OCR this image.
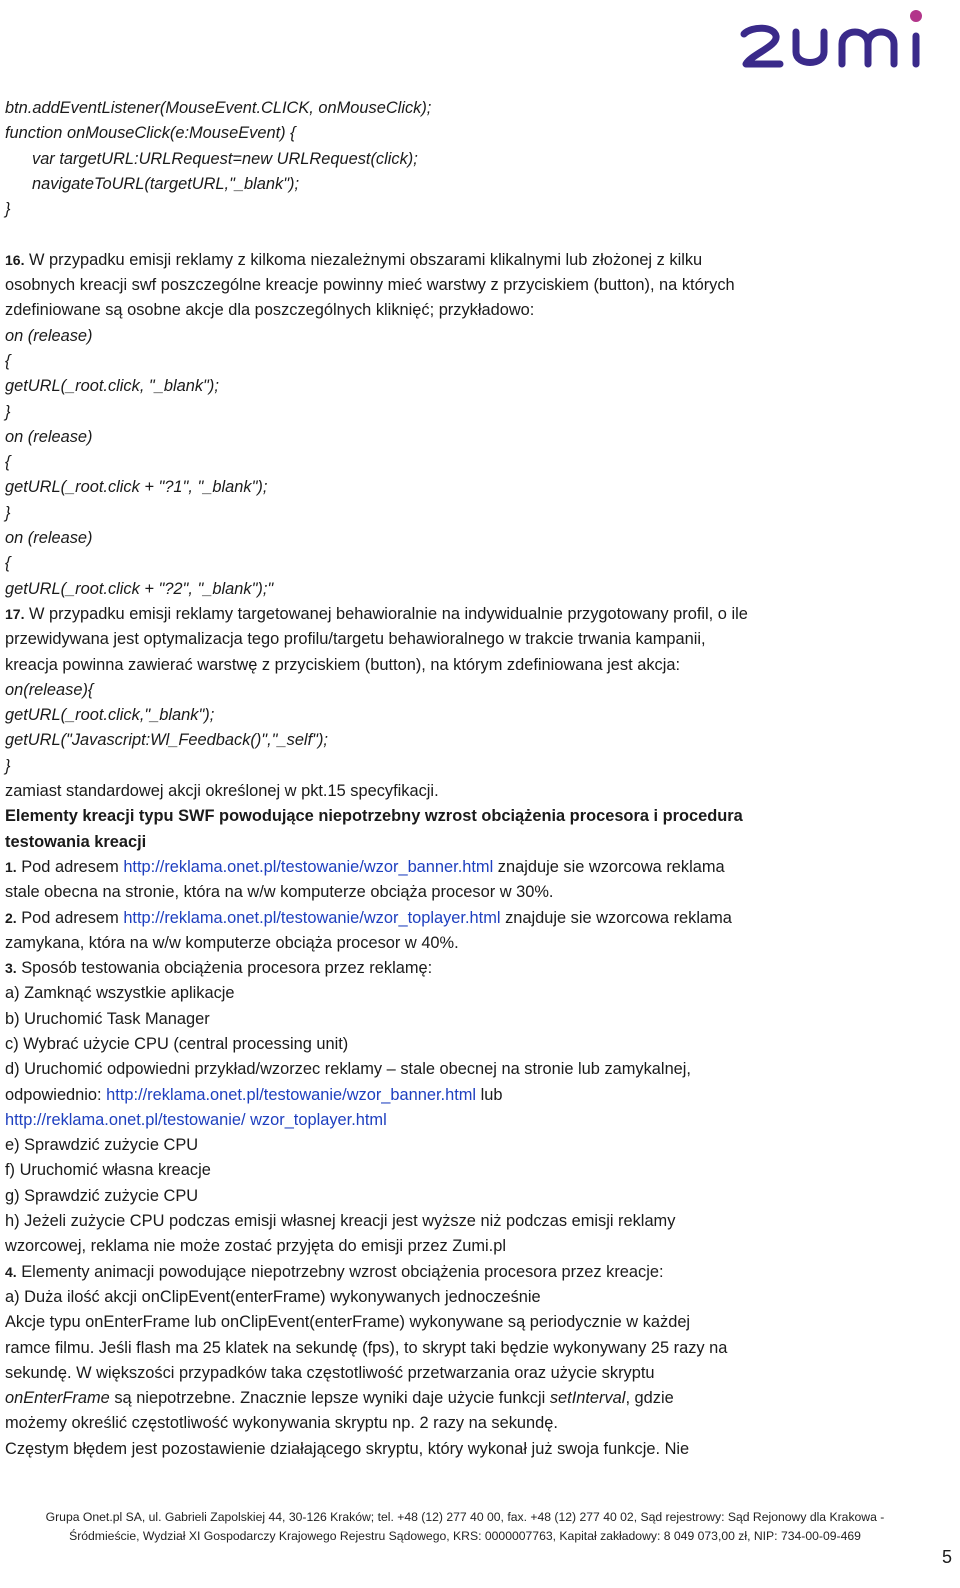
btn.addEventListener(MouseEvent.CLICK, onMouseClick);
function onMouseClick(e:MouseEvent) {
var targetURL:URLRequest=new URLRequest(click);
navigateToURL(targetURL,"_blank");
}

16. W przypadku emisji reklamy z kilkoma niezależnymi obszarami klikalnymi lub złożonej z kilku
osobnych kreacji swf poszczególne kreacje powinny mieć warstwy z przyciskiem (button), na których
zdefiniowane są osobne akcje dla poszczególnych kliknięć; przykładowo:
on (release)
{
getURL(_root.click, "_blank");
}
on (release)
{
getURL(_root.click + "?1", "_blank");
}
on (release)
{
getURL(_root.click + "?2", "_blank");"
17. W przypadku emisji reklamy targetowanej behawioralnie na indywidualnie przygotowany profil, o ile
przewidywana jest optymalizacja tego profilu/targetu behawioralnego w trakcie trwania kampanii,
kreacja powinna zawierać warstwę z przyciskiem (button), na którym zdefiniowana jest akcja:
on(release){
getURL(_root.click,"_blank");
getURL("Javascript:Wl_Feedback()","_self");
}
zamiast standardowej akcji określonej w pkt.15 specyfikacji.
Elementy kreacji typu SWF powodujące niepotrzebny wzrost obciążenia procesora i procedura
testowania kreacji
1. Pod adresem http://reklama.onet.pl/testowanie/wzor_banner.html znajduje sie wzorcowa reklama
stale obecna na stronie, która na w/w komputerze obciąża procesor w 30%.
2. Pod adresem http://reklama.onet.pl/testowanie/wzor_toplayer.html znajduje sie wzorcowa reklama
zamykana, która na w/w komputerze obciąża procesor w 40%.
3. Sposób testowania obciążenia procesora przez reklamę:
a) Zamknąć wszystkie aplikacje
b) Uruchomić Task Manager
c) Wybrać użycie CPU (central processing unit)
d) Uruchomić odpowiedni przykład/wzorzec reklamy – stale obecnej na stronie lub zamykalnej,
odpowiednio: http://reklama.onet.pl/testowanie/wzor_banner.html lub
http://reklama.onet.pl/testowanie/ wzor_toplayer.html
e) Sprawdzić zużycie CPU
f) Uruchomić własna kreacje
g) Sprawdzić zużycie CPU
h) Jeżeli zużycie CPU podczas emisji własnej kreacji jest wyższe niż podczas emisji reklamy
wzorcowej, reklama nie może zostać przyjęta do emisji przez Zumi.pl
4. Elementy animacji powodujące niepotrzebny wzrost obciążenia procesora przez kreacje:
a) Duża ilość akcji onClipEvent(enterFrame) wykonywanych jednocześnie
Akcje typu onEnterFrame lub onClipEvent(enterFrame) wykonywane są periodycznie w każdej
ramce filmu. Jeśli flash ma 25 klatek na sekundę (fps), to skrypt taki będzie wykonywany 25 razy na
sekundę. W większości przypadków taka częstotliwość przetwarzania oraz użycie skryptu
onEnterFrame są niepotrzebne. Znacznie lepsze wyniki daje użycie funkcji setInterval, gdzie
możemy określić częstotliwość wykonywania skryptu np. 2 razy na sekundę.
Częstym błędem jest pozostawienie działającego skryptu, który wykonał już swoja funkcje. Nie
Grupa Onet.pl SA, ul. Gabrieli Zapolskiej 44, 30-126 Kraków; tel. +48 (12) 277 40 00, fax. +48 (12) 277 40 02, Sąd rejestrowy: Sąd Rejonowy dla Krakowa -
Śródmieście, Wydział XI Gospodarczy Krajowego Rejestru Sądowego, KRS: 0000007763, Kapitał zakładowy: 8 049 073,00 zł, NIP: 734-00-09-469
5
